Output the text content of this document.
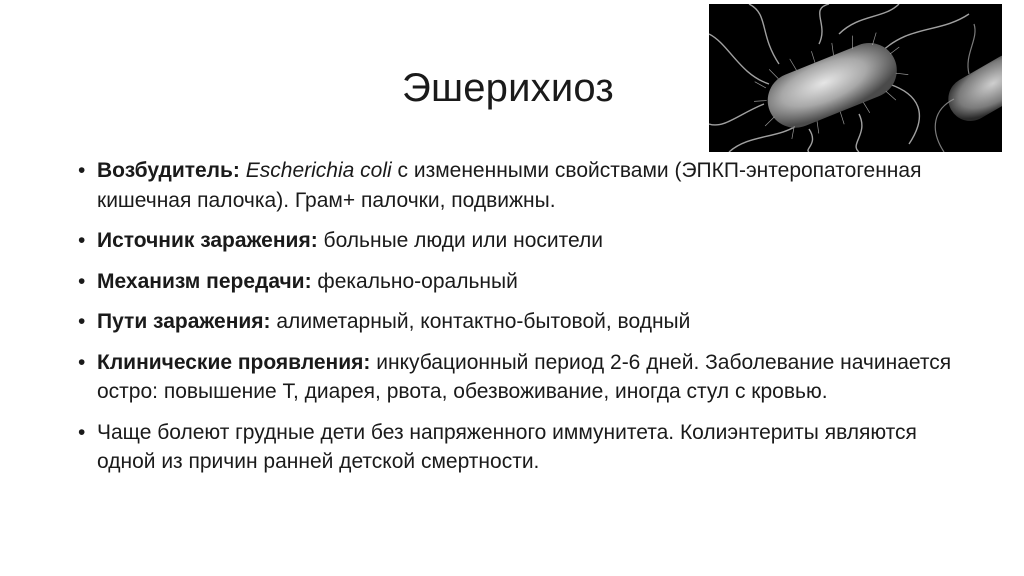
Эшерихиоз
• Возбудитель: Escherichia coli с измененными свойствами (ЭПКП-энтеропатогенная кишечная палочка). Грам+ палочки, подвижны.
• Источник заражения: больные люди или носители
• Механизм передачи: фекально-оральный
• Пути заражения: алиметарный, контактно-бытовой, водный
• Клинические проявления: инкубационный период 2-6 дней. Заболевание начинается остро: повышение Т, диарея, рвота, обезвоживание, иногда стул с кровью.
• Чаще болеют грудные дети без напряженного иммунитета. Колиэнтериты являются одной из причин ранней детской смертности.
